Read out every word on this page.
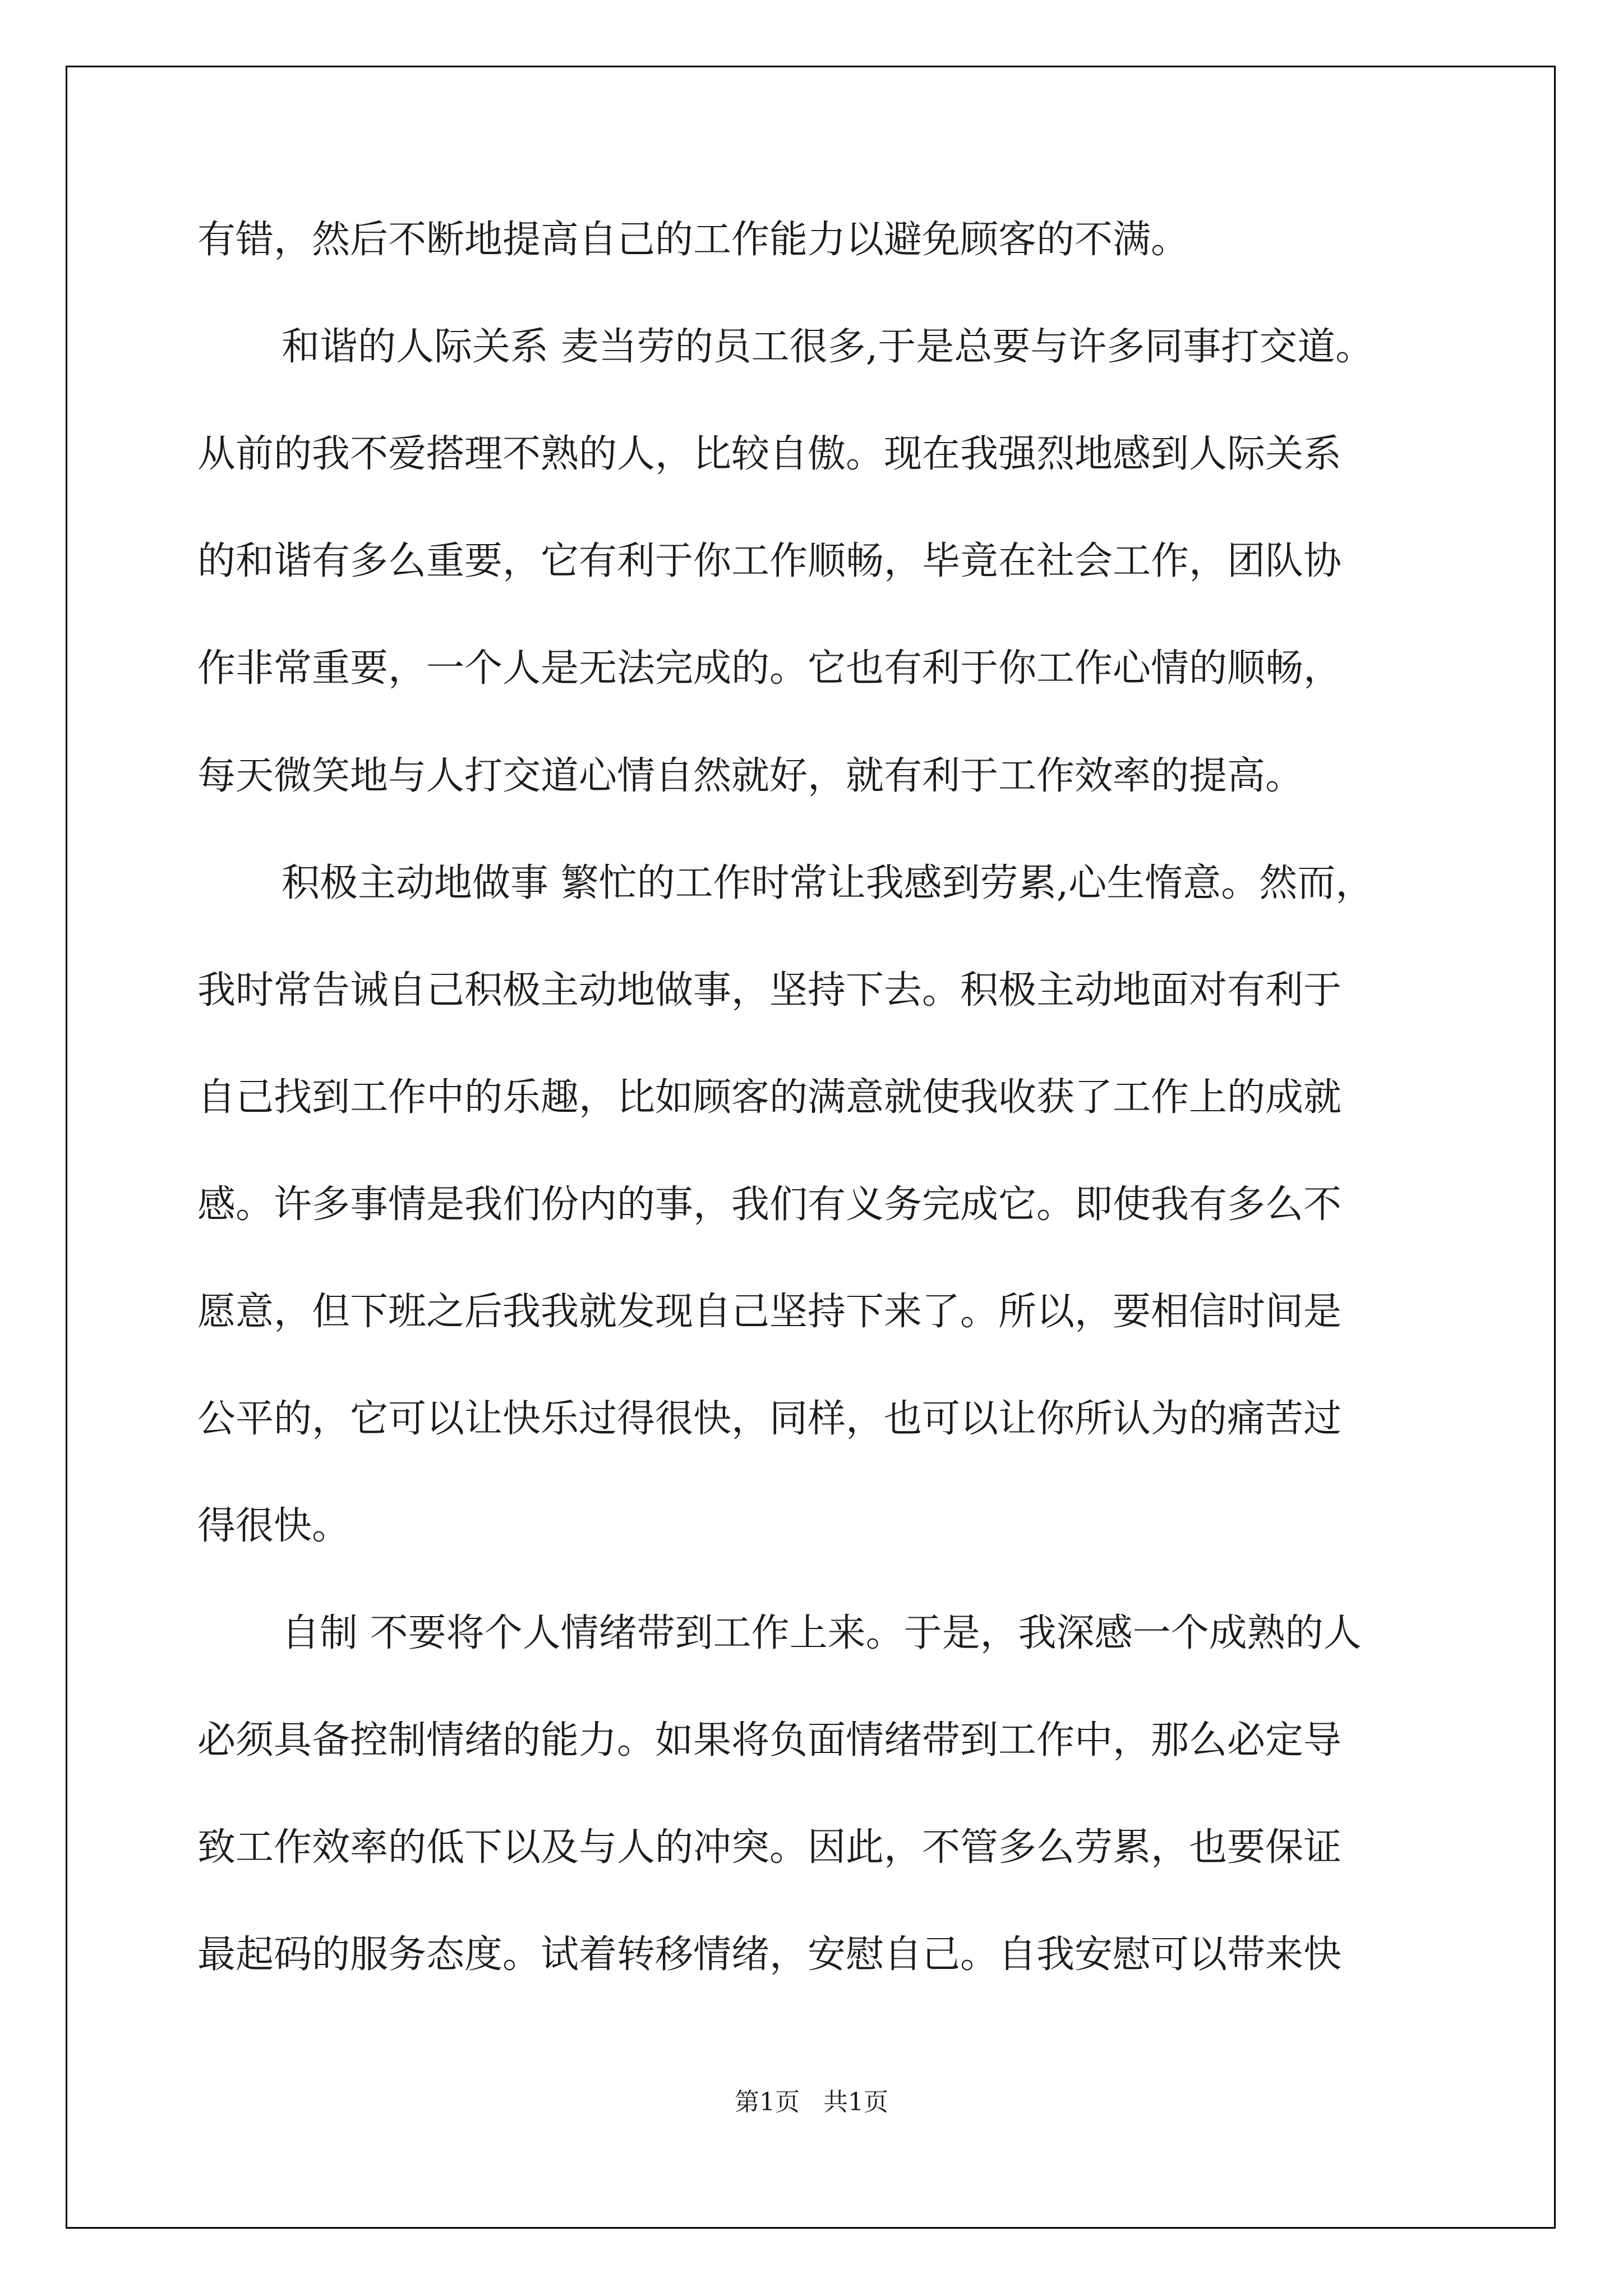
有错，然后不断地提高自己的工作能力以避免顾客的不满。

和谐的人际关系 麦当劳的员工很多,于是总要与许多同事打交道。

从前的我不爱搭理不熟的人，比较自傲。现在我强烈地感到人际关系

的和谐有多么重要，它有利于你工作顺畅，毕竟在社会工作，团队协

作非常重要，一个人是无法完成的。它也有利于你工作心情的顺畅，

每天微笑地与人打交道心情自然就好，就有利于工作效率的提高。

积极主动地做事 繁忙的工作时常让我感到劳累,心生惰意。然而，

我时常告诫自己积极主动地做事，坚持下去。积极主动地面对有利于

自己找到工作中的乐趣，比如顾客的满意就使我收获了工作上的成就

感。许多事情是我们份内的事，我们有义务完成它。即使我有多么不

愿意，但下班之后我我就发现自己坚持下来了。所以，要相信时间是

公平的，它可以让快乐过得很快，同样，也可以让你所认为的痛苦过

得很快。

自制 不要将个人情绪带到工作上来。于是，我深感一个成熟的人

必须具备控制情绪的能力。如果将负面情绪带到工作中，那么必定导

致工作效率的低下以及与人的冲突。因此，不管多么劳累，也要保证

最起码的服务态度。试着转移情绪，安慰自己。自我安慰可以带来快

第1页   共1页
